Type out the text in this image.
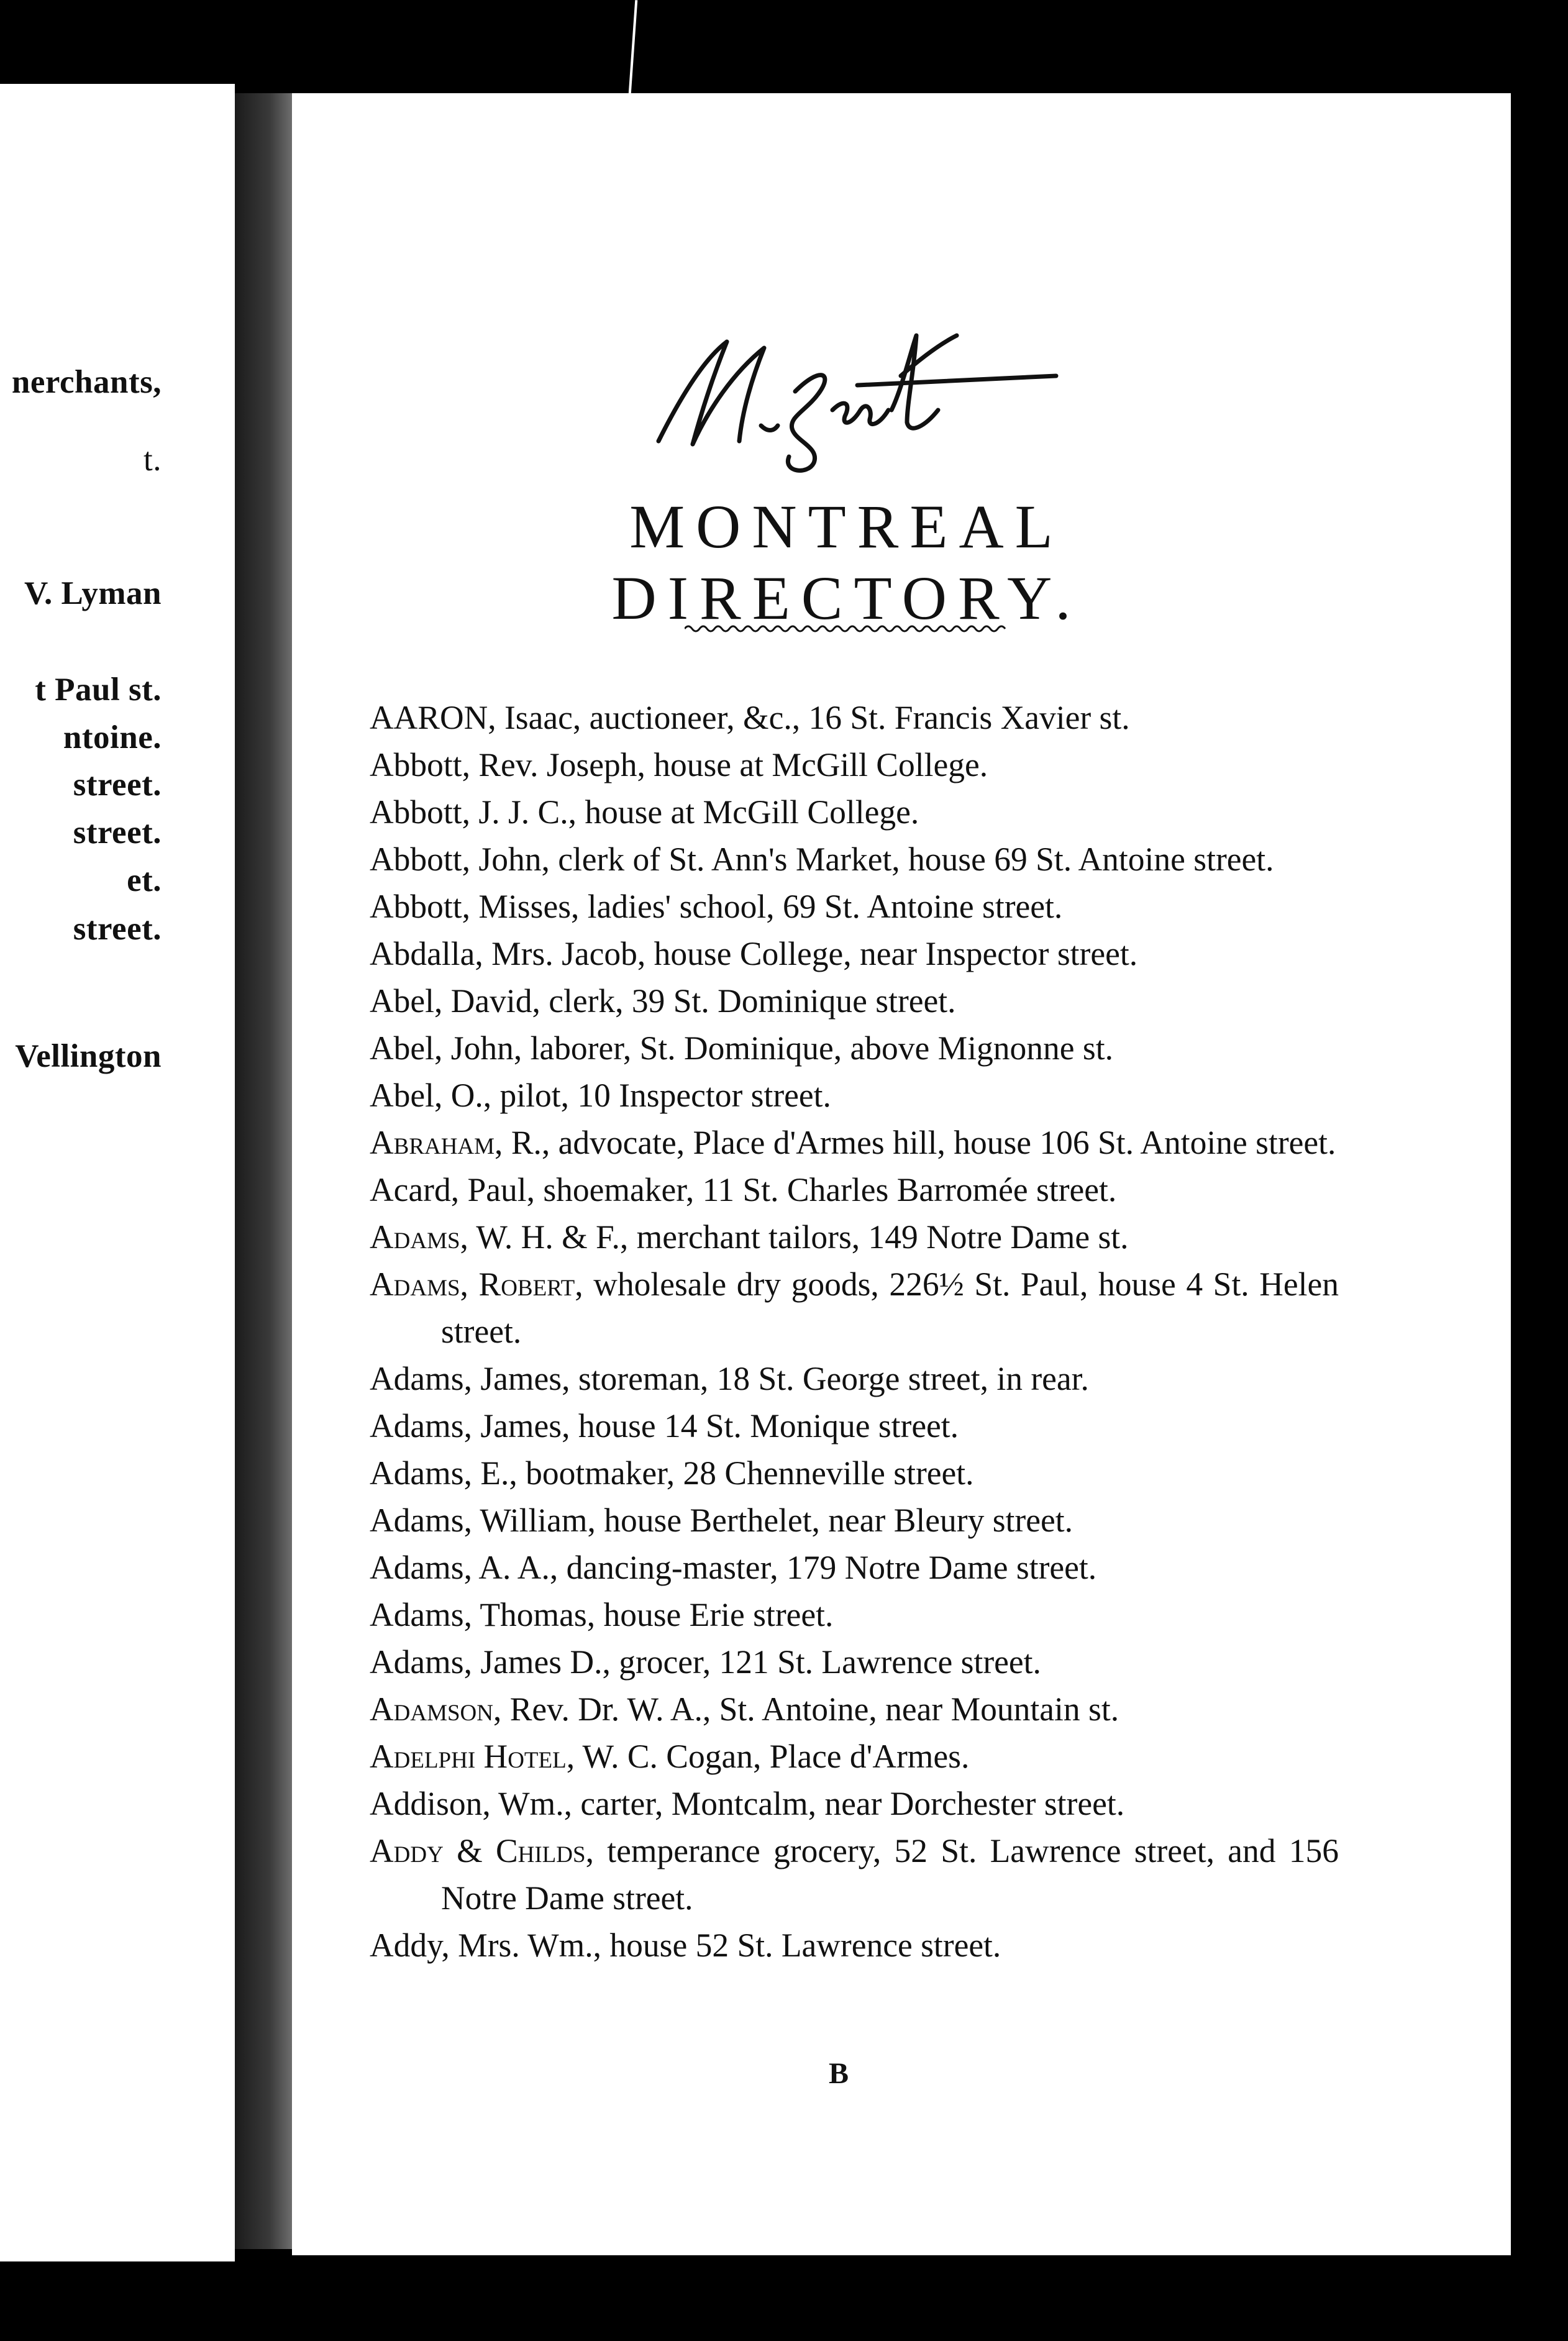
nerchants,
t.
V. Lyman
t Paul st.
ntoine.
street.
street.
et.
street.
Vellington
MONTREAL DIRECTORY.
AARON, Isaac, auctioneer, &c., 16 St. Francis Xavier st.
Abbott, Rev. Joseph, house at McGill College.
Abbott, J. J. C., house at McGill College.
Abbott, John, clerk of St. Ann's Market, house 69 St. Antoine street.
Abbott, Misses, ladies' school, 69 St. Antoine street.
Abdalla, Mrs. Jacob, house College, near Inspector street.
Abel, David, clerk, 39 St. Dominique street.
Abel, John, laborer, St. Dominique, above Mignonne st.
Abel, O., pilot, 10 Inspector street.
Abraham, R., advocate, Place d'Armes hill, house 106 St. Antoine street.
Acard, Paul, shoemaker, 11 St. Charles Barromée street.
Adams, W. H. & F., merchant tailors, 149 Notre Dame st.
Adams, Robert, wholesale dry goods, 226½ St. Paul, house 4 St. Helen street.
Adams, James, storeman, 18 St. George street, in rear.
Adams, James, house 14 St. Monique street.
Adams, E., bootmaker, 28 Chenneville street.
Adams, William, house Berthelet, near Bleury street.
Adams, A. A., dancing-master, 179 Notre Dame street.
Adams, Thomas, house Erie street.
Adams, James D., grocer, 121 St. Lawrence street.
Adamson, Rev. Dr. W. A., St. Antoine, near Mountain st.
Adelphi Hotel, W. C. Cogan, Place d'Armes.
Addison, Wm., carter, Montcalm, near Dorchester street.
Addy & Childs, temperance grocery, 52 St. Lawrence street, and 156 Notre Dame street.
Addy, Mrs. Wm., house 52 St. Lawrence street.
B
